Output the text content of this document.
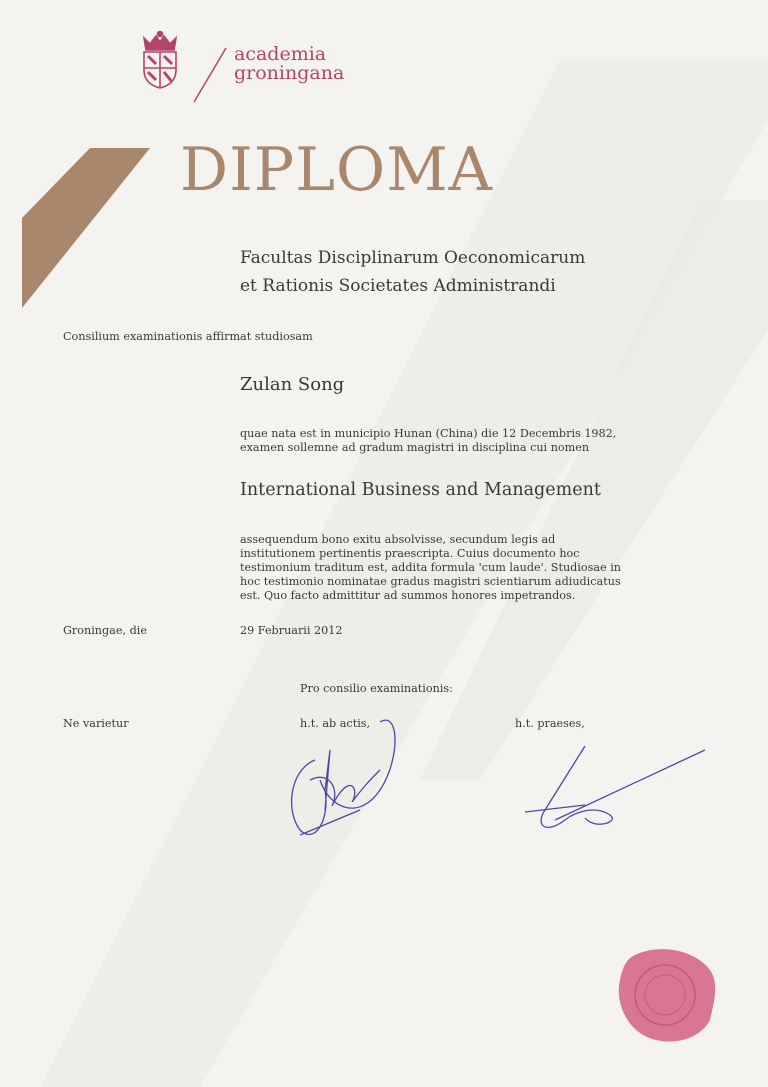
academia
groningana
DIPLOMA
Facultas Disciplinarum Oeconomicarum
et Rationis Societates Administrandi
Consilium examinationis affirmat studiosam
Zulan Song
quae nata est in municipio Hunan (China) die 12 Decembris 1982,
examen sollemne ad gradum magistri in disciplina cui nomen
International Business and Management
assequendum bono exitu absolvisse, secundum legis ad
institutionem pertinentis praescripta. Cuius documento hoc
testimonium traditum est, addita formula 'cum laude'. Studiosae in
hoc testimonio nominatae gradus magistri scientiarum adiudicatus
est. Quo facto admittitur ad summos honores impetrandos.
Groningae, die	29 Februarii 2012
Pro consilio examinationis:
Ne varietur	h.t. ab actis,	h.t. praeses,
